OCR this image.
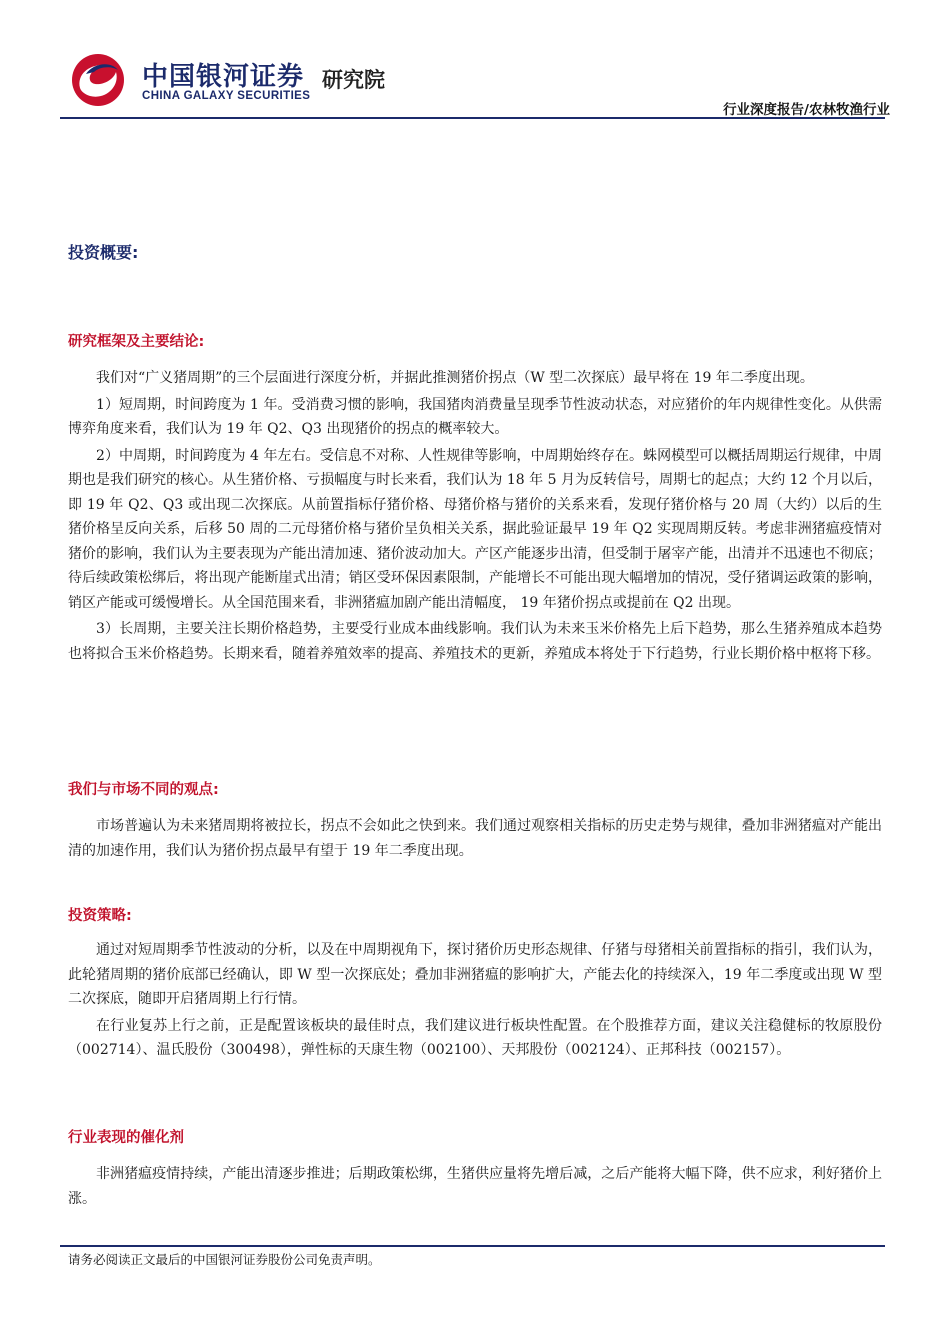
中国银河证券
CHINA GALAXY SECURITIES
研究院
行业深度报告/农林牧渔行业
投资概要:
研究框架及主要结论:

我们对“广义猪周期”的三个层面进行深度分析，并据此推测猪价拐点（W 型二次探底）最早将在 19 年二季度出现。

1）短周期，时间跨度为 1 年。受消费习惯的影响，我国猪肉消费量呈现季节性波动状态，对应猪价的年内规律性变化。从供需博弈角度来看，我们认为 19 年 Q2、Q3 出现猪价的拐点的概率较大。

2）中周期，时间跨度为 4 年左右。受信息不对称、人性规律等影响，中周期始终存在。蛛网模型可以概括周期运行规律，中周期也是我们研究的核心。从生猪价格、亏损幅度与时长来看，我们认为 18 年 5 月为反转信号，周期七的起点；大约 12 个月以后，即 19 年 Q2、Q3 或出现二次探底。从前置指标仔猪价格、母猪价格与猪价的关系来看，发现仔猪价格与 20 周（大约）以后的生猪价格呈反向关系，后移 50 周的二元母猪价格与猪价呈负相关关系，据此验证最早 19 年 Q2 实现周期反转。考虑非洲猪瘟疫情对猪价的影响，我们认为主要表现为产能出清加速、猪价波动加大。产区产能逐步出清，但受制于屠宰产能，出清并不迅速也不彻底；待后续政策松绑后，将出现产能断崖式出清；销区受环保因素限制，产能增长不可能出现大幅增加的情况，受仔猪调运政策的影响，销区产能或可缓慢增长。从全国范围来看，非洲猪瘟加剧产能出清幅度， 19 年猪价拐点或提前在 Q2 出现。

3）长周期，主要关注长期价格趋势，主要受行业成本曲线影响。我们认为未来玉米价格先上后下趋势，那么生猪养殖成本趋势也将拟合玉米价格趋势。长期来看，随着养殖效率的提高、养殖技术的更新，养殖成本将处于下行趋势，行业长期价格中枢将下移。

我们与市场不同的观点:

市场普遍认为未来猪周期将被拉长，拐点不会如此之快到来。我们通过观察相关指标的历史走势与规律，叠加非洲猪瘟对产能出清的加速作用，我们认为猪价拐点最早有望于 19 年二季度出现。

投资策略:

通过对短周期季节性波动的分析，以及在中周期视角下，探讨猪价历史形态规律、仔猪与母猪相关前置指标的指引，我们认为，此轮猪周期的猪价底部已经确认，即 W 型一次探底处；叠加非洲猪瘟的影响扩大，产能去化的持续深入，19 年二季度或出现 W 型二次探底，随即开启猪周期上行行情。

在行业复苏上行之前，正是配置该板块的最佳时点，我们建议进行板块性配置。在个股推荐方面，建议关注稳健标的牧原股份（002714）、温氏股份（300498），弹性标的天康生物（002100）、天邦股份（002124）、正邦科技（002157）。

行业表现的催化剂

非洲猪瘟疫情持续，产能出清逐步推进；后期政策松绑，生猪供应量将先增后减，之后产能将大幅下降，供不应求，利好猪价上涨。

请务必阅读正文最后的中国银河证券股份公司免责声明。
